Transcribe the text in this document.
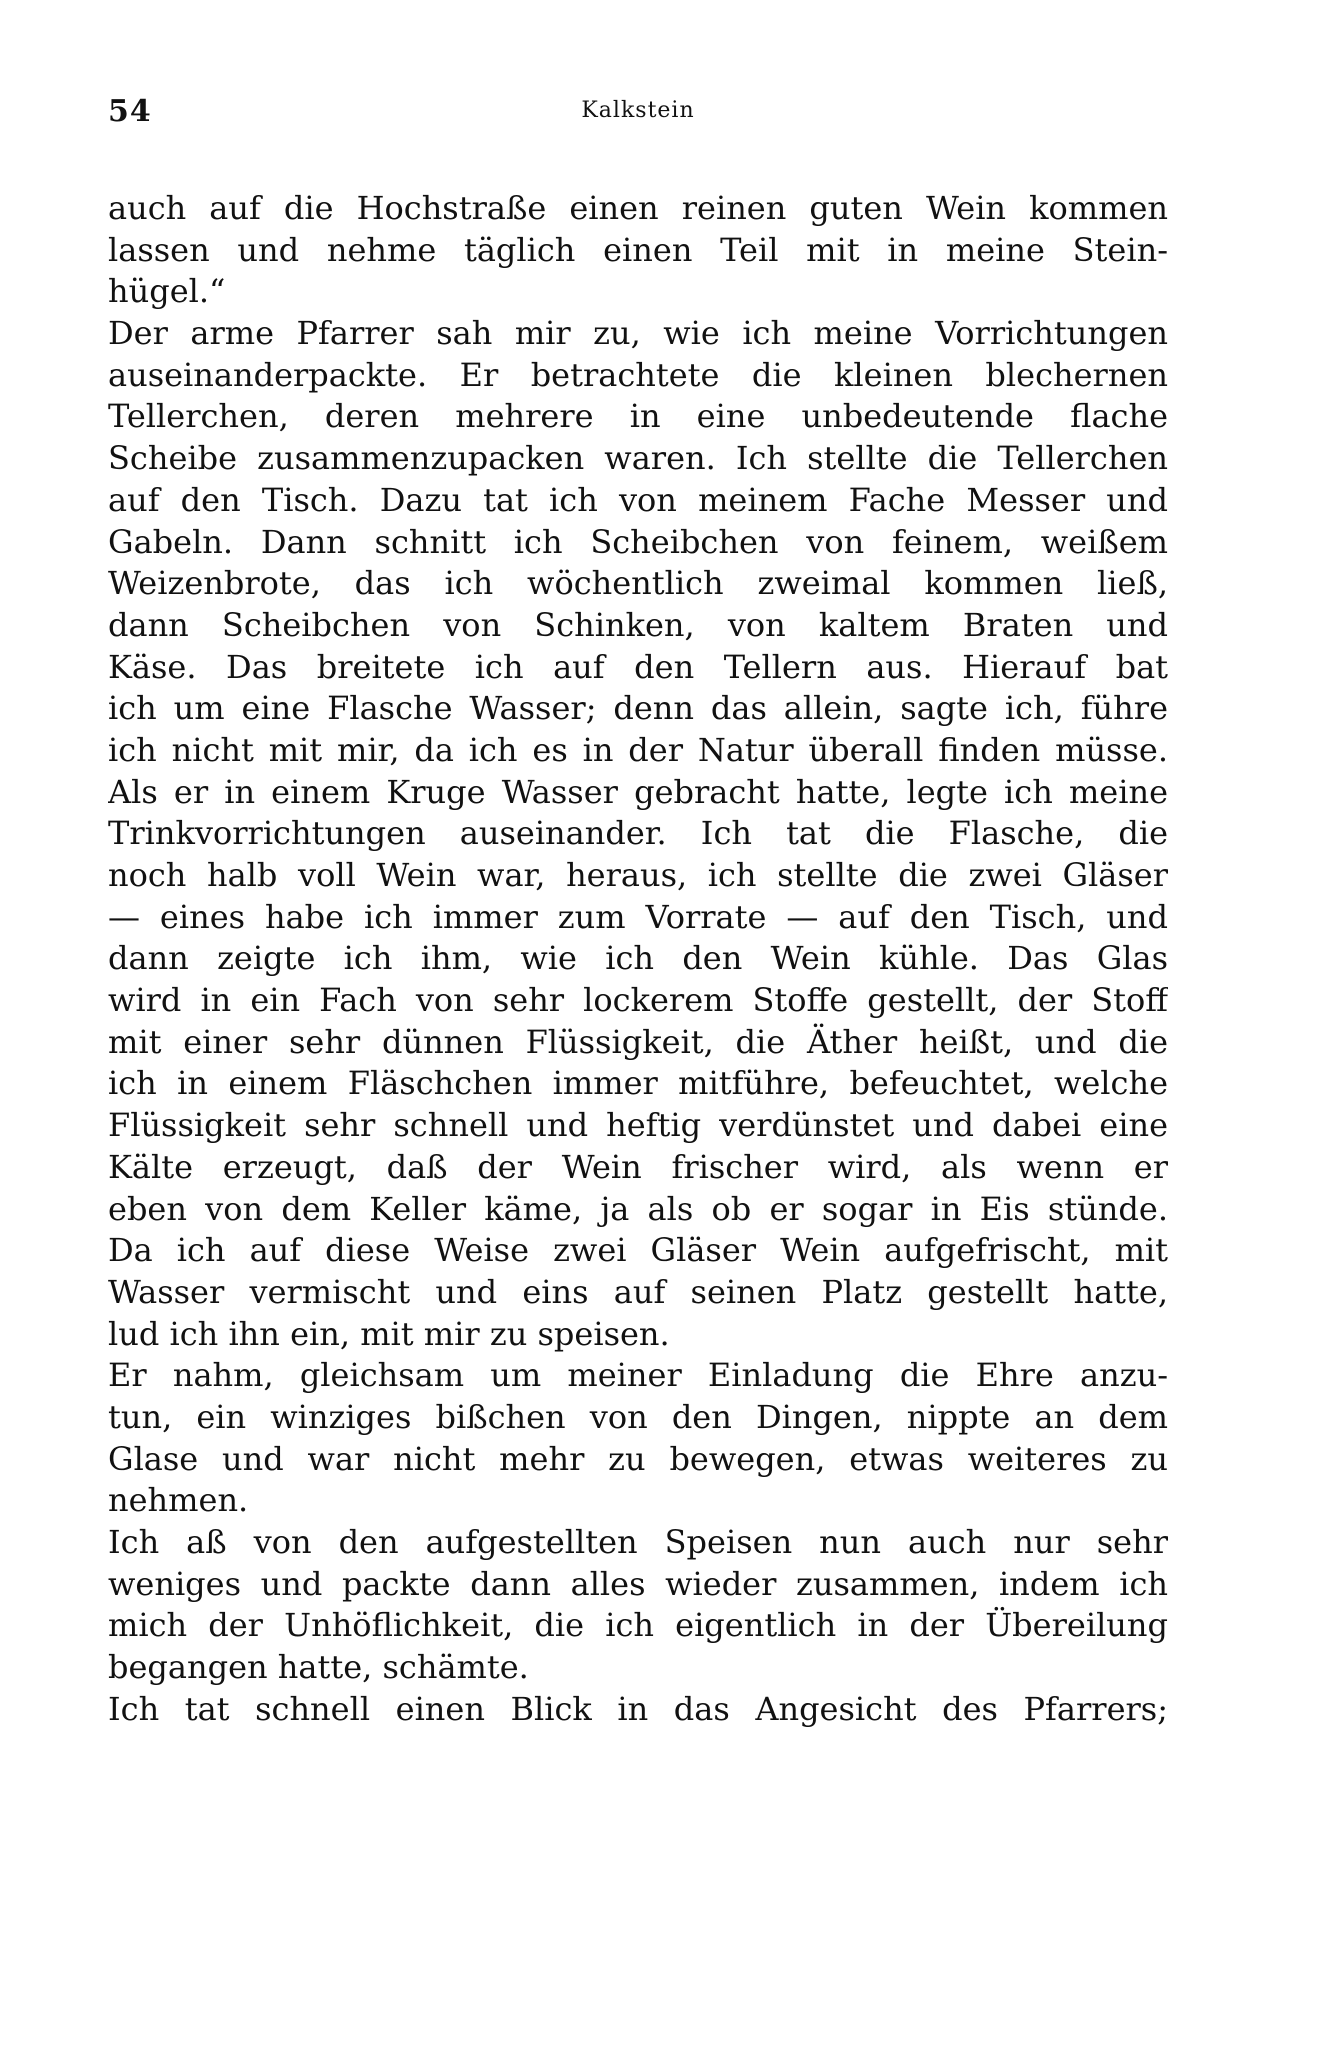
54	Kalkstein
auch auf die Hochstraße einen reinen guten Wein kommen
lassen und nehme täglich einen Teil mit in meine Stein-
hügel.“
Der arme Pfarrer sah mir zu, wie ich meine Vorrichtungen
auseinanderpackte. Er betrachtete die kleinen blechernen
Tellerchen, deren mehrere in eine unbedeutende flache
Scheibe zusammenzupacken waren. Ich stellte die Tellerchen
auf den Tisch. Dazu tat ich von meinem Fache Messer und
Gabeln. Dann schnitt ich Scheibchen von feinem, weißem
Weizenbrote, das ich wöchentlich zweimal kommen ließ,
dann Scheibchen von Schinken, von kaltem Braten und
Käse. Das breitete ich auf den Tellern aus. Hierauf bat
ich um eine Flasche Wasser; denn das allein, sagte ich, führe
ich nicht mit mir, da ich es in der Natur überall finden müsse.
Als er in einem Kruge Wasser gebracht hatte, legte ich meine
Trinkvorrichtungen auseinander. Ich tat die Flasche, die
noch halb voll Wein war, heraus, ich stellte die zwei Gläser
— eines habe ich immer zum Vorrate — auf den Tisch, und
dann zeigte ich ihm, wie ich den Wein kühle. Das Glas
wird in ein Fach von sehr lockerem Stoffe gestellt, der Stoff
mit einer sehr dünnen Flüssigkeit, die Äther heißt, und die
ich in einem Fläschchen immer mitführe, befeuchtet, welche
Flüssigkeit sehr schnell und heftig verdünstet und dabei eine
Kälte erzeugt, daß der Wein frischer wird, als wenn er
eben von dem Keller käme, ja als ob er sogar in Eis stünde.
Da ich auf diese Weise zwei Gläser Wein aufgefrischt, mit
Wasser vermischt und eins auf seinen Platz gestellt hatte,
lud ich ihn ein, mit mir zu speisen.
Er nahm, gleichsam um meiner Einladung die Ehre anzu-
tun, ein winziges bißchen von den Dingen, nippte an dem
Glase und war nicht mehr zu bewegen, etwas weiteres zu
nehmen.
Ich aß von den aufgestellten Speisen nun auch nur sehr
weniges und packte dann alles wieder zusammen, indem ich
mich der Unhöflichkeit, die ich eigentlich in der Übereilung
begangen hatte, schämte.
Ich tat schnell einen Blick in das Angesicht des Pfarrers;
